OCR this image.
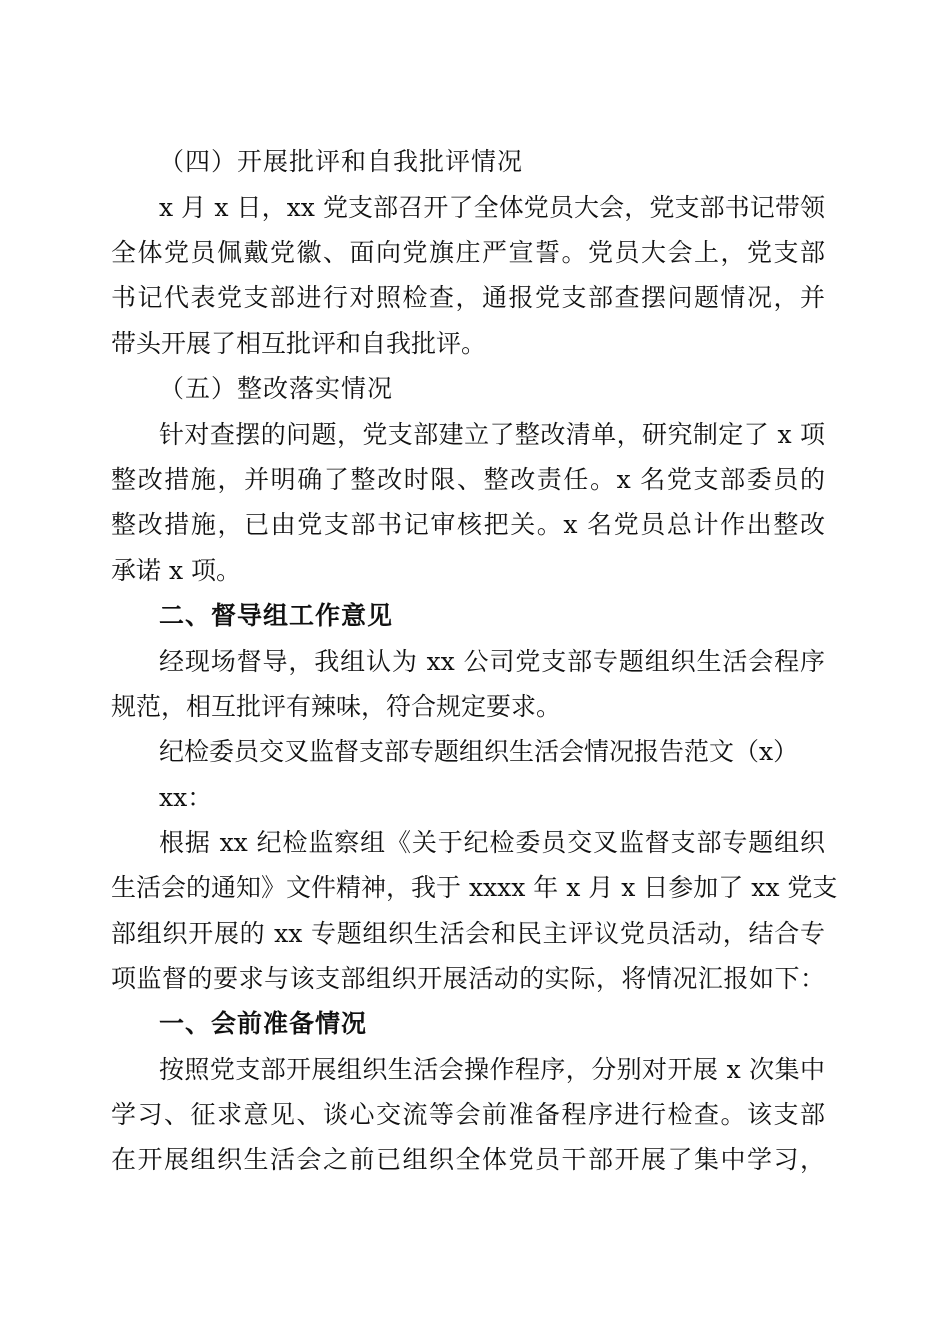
（四）开展批评和自我批评情况

x 月 x 日，xx 党支部召开了全体党员大会，党支部书记带领

全体党员佩戴党徽、面向党旗庄严宣誓。党员大会上，党支部

书记代表党支部进行对照检查，通报党支部查摆问题情况，并

带头开展了相互批评和自我批评。

（五）整改落实情况

针对查摆的问题，党支部建立了整改清单，研究制定了 x 项

整改措施，并明确了整改时限、整改责任。x 名党支部委员的

整改措施，已由党支部书记审核把关。x 名党员总计作出整改

承诺 x 项。

二、督导组工作意见

经现场督导，我组认为 xx 公司党支部专题组织生活会程序

规范，相互批评有辣味，符合规定要求。

纪检委员交叉监督支部专题组织生活会情况报告范文（x）

xx：

根据 xx 纪检监察组《关于纪检委员交叉监督支部专题组织

生活会的通知》文件精神，我于 xxxx 年 x 月 x 日参加了 xx 党支

部组织开展的 xx 专题组织生活会和民主评议党员活动，结合专

项监督的要求与该支部组织开展活动的实际，将情况汇报如下：

一、会前准备情况

按照党支部开展组织生活会操作程序，分别对开展 x 次集中

学习、征求意见、谈心交流等会前准备程序进行检查。该支部

在开展组织生活会之前已组织全体党员干部开展了集中学习，
